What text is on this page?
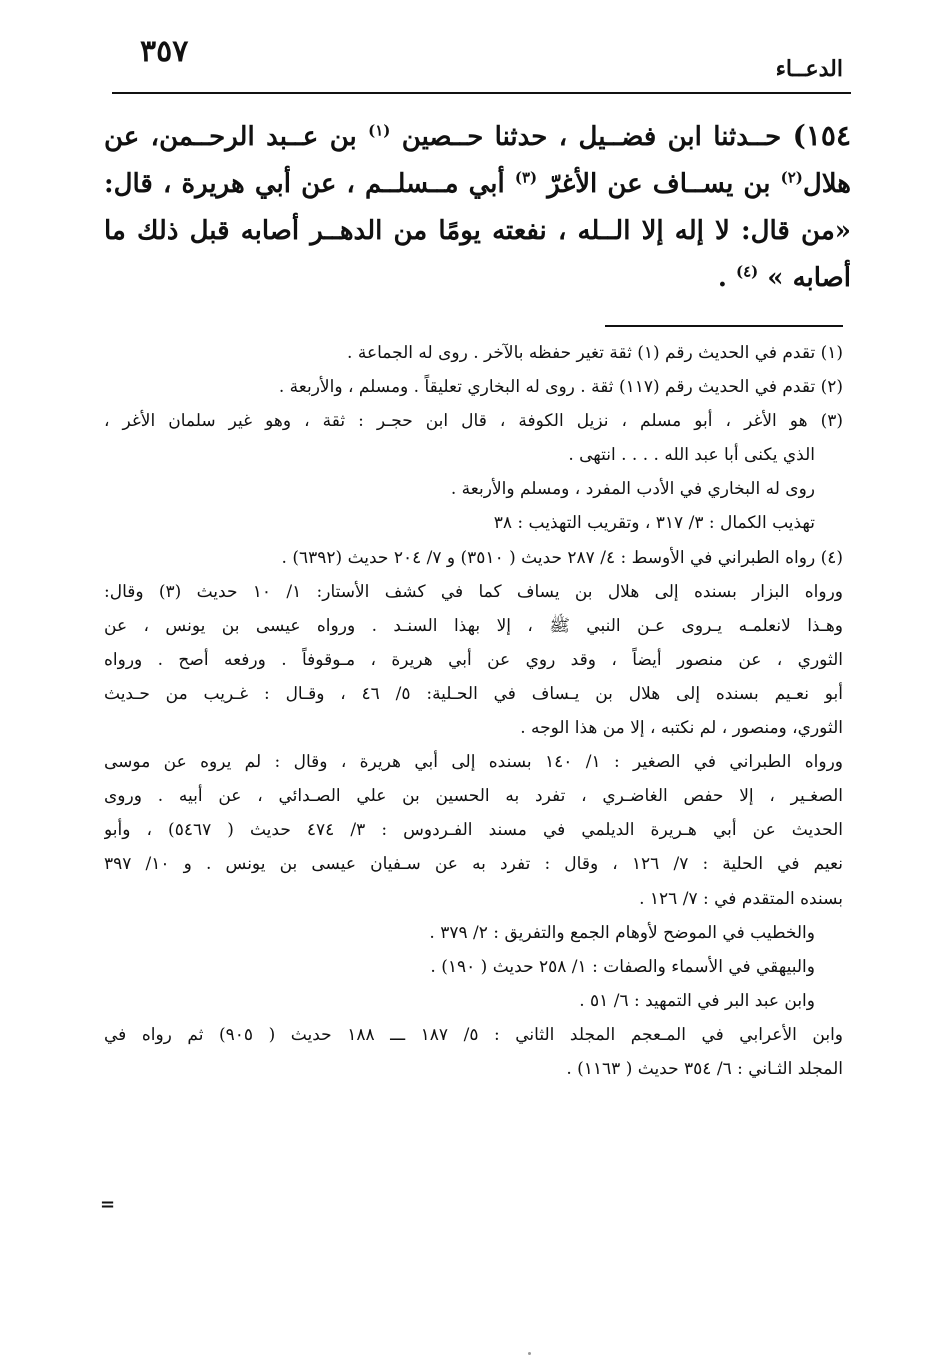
٣٥٧	الدعــاء
١٥٤) حــدثنا ابن فضــيل ، حدثنا حــصين $^{(١)}$ بن عــبد الرحــمن، عن هلال$^{(٢)}$ بن يســاف عن الأغرّ $^{(٣)}$ أبي مــسلــم ، عن أبي هريرة ، قال: «من قال: لا إله إلا الــله ، نفعته يومًا من الدهــر أصابه قبل ذلك ما أصابه » $^{(٤)}$ .
(١) تقدم في الحديث رقم (١) ثقة تغير حفظه بالآخر . روى له الجماعة .
(٢) تقدم في الحديث رقم (١١٧) ثقة . روى له البخاري تعليقاً . ومسلم ، والأربعة .
(٣) هو الأغر ، أبو مسلم ، نزيل الكوفة ، قال ابن حجـر : ثقة ، وهو غير سلمان الأغر ،
الذي يكنى أبا عبد الله . . . . انتهى .
روى له البخاري في الأدب المفرد ، ومسلم والأربعة .
تهذيب الكمال : ٣/ ٣١٧ ، وتقريب التهذيب : ٣٨
(٤) رواه الطبراني في الأوسط : ٤/ ٢٨٧ حديث ( ٣٥١٠) و ٧/ ٢٠٤ حديث (٦٣٩٢) .
ورواه البزار بسنده إلى هلال بن يساف كما في كشف الأستار: ١/ ١٠ حديث (٣) وقال:
وهـذا لانعلمـه يـروى عـن النبي ﷺ ، إلا بهذا السنـد . ورواه عيسى بن يونس ، عن
الثوري ، عن منصور أيضاً ، وقد روي عن أبي هريرة ، مـوقوفاً . ورفعه أصح . ورواه
أبو نعـيم بسنده إلى هلال بن يـساف في الحـلية: ٥/ ٤٦ ، وقـال : غـريب من حـديث
الثوري، ومنصور ، لم نكتبه ، إلا من هذا الوجه .
ورواه الطبراني في الصغير : ١/ ١٤٠ بسنده إلى أبي هريرة ، وقال : لم يروه عن موسى
الصغـير ، إلا حفص الغاضـري ، تفرد به الحسين بن علي الصـدائي ، عن أبيه . وروى
الحديث عن أبي هـريرة الديلمي في مسند الفـردوس : ٣/ ٤٧٤ حديث ( ٥٤٦٧) ، وأبو
نعيم في الحلية : ٧/ ١٢٦ ، وقال : تفرد به عن سـفيان عيسى بن يونس . و ١٠/ ٣٩٧
بسنده المتقدم في : ٧/ ١٢٦ .
والخطيب في الموضح لأوهام الجمع والتفريق : ٢/ ٣٧٩ .
والبيهقي في الأسماء والصفات : ١/ ٢٥٨ حديث ( ١٩٠) .
وابن عبد البر في التمهيد : ٦/ ٥١ .
وابن الأعرابي في المـعجم المجلد الثاني : ٥/ ١٨٧ ـــ ١٨٨ حديث ( ٩٠٥) ثم رواه في
المجلد الثـاني : ٦/ ٣٥٤ حديث ( ١١٦٣) .
=
